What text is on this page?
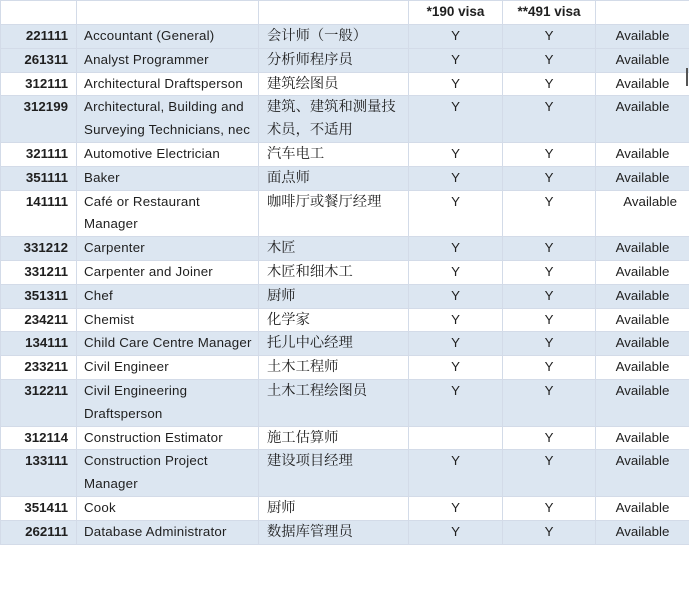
			*190 visa	**491 visa	
221111	Accountant (General)	会计师（一般）	Y	Y	Available
261311	Analyst Programmer	分析师程序员	Y	Y	Available
312111	Architectural Draftsperson	建筑绘图员	Y	Y	Available
312199	Architectural, Building and Surveying Technicians, nec	建筑、建筑和测量技术员，不适用	Y	Y	Available
321111	Automotive Electrician	汽车电工	Y	Y	Available
351111	Baker	面点师	Y	Y	Available
141111	Café or Restaurant Manager	咖啡厅或餐厅经理	Y	Y	Available
331212	Carpenter	木匠	Y	Y	Available
331211	Carpenter and Joiner	木匠和细木工	Y	Y	Available
351311	Chef	厨师	Y	Y	Available
234211	Chemist	化学家	Y	Y	Available
134111	Child Care Centre Manager	托儿中心经理	Y	Y	Available
233211	Civil Engineer	土木工程师	Y	Y	Available
312211	Civil Engineering Draftsperson	土木工程绘图员	Y	Y	Available
312114	Construction Estimator	施工估算师		Y	Available
133111	Construction Project Manager	建设项目经理	Y	Y	Available
351411	Cook	厨师	Y	Y	Available
262111	Database Administrator	数据库管理员	Y	Y	Available
